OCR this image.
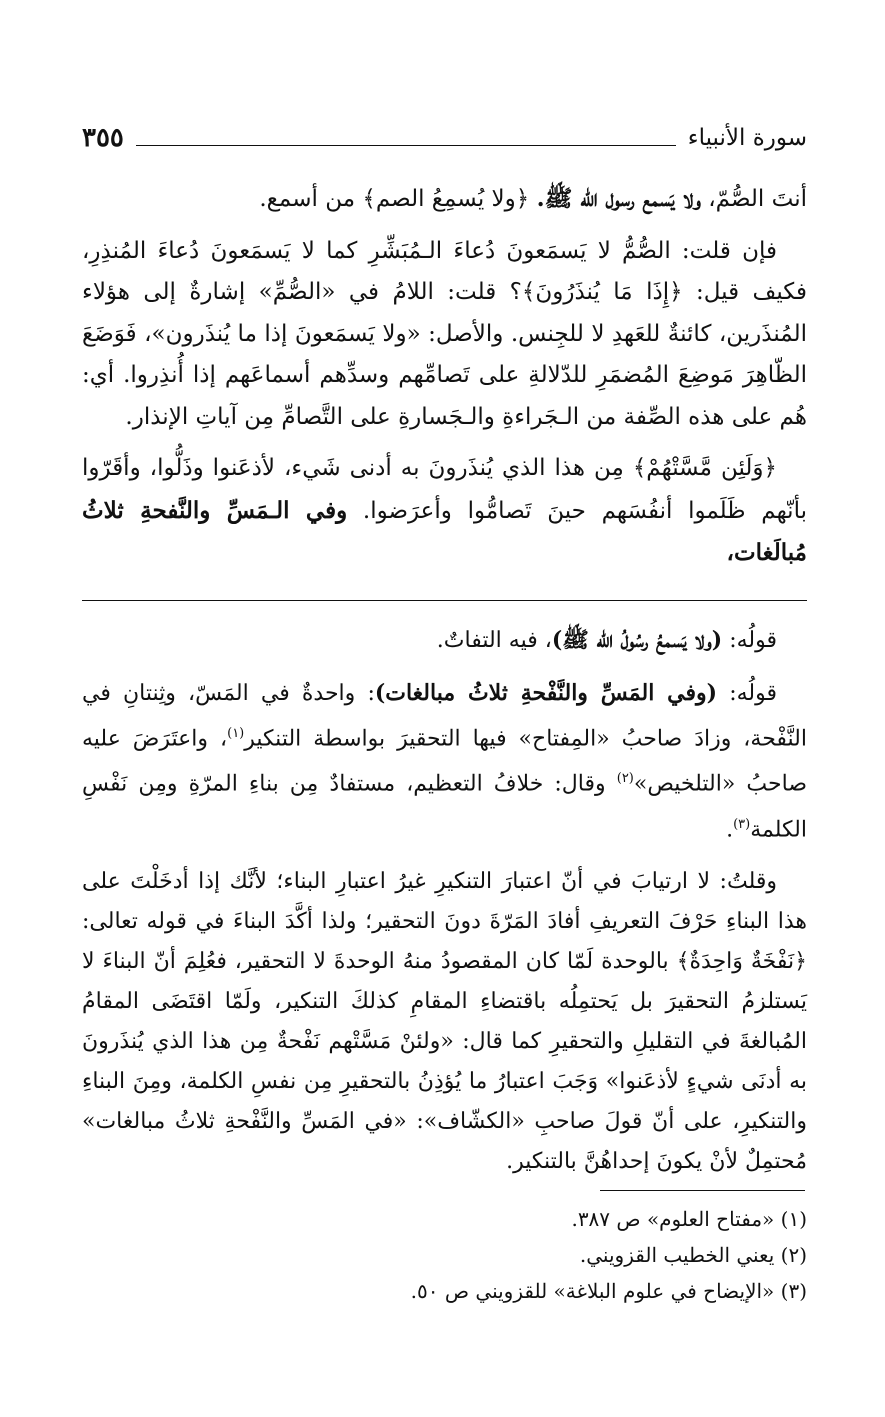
سورة الأنبياء
٣٥٥

أنتَ الصُّمّ، ولا يَسمع رسول الله ﷺ. ﴿ولا يُسمِعُ الصم﴾ من أسمع.

فإن قلت: الصُّمُّ لا يَسمَعونَ دُعاءَ الـمُبَشِّرِ كما لا يَسمَعونَ دُعاءَ المُنذِرِ، فكيف قيل: ﴿إِذَا مَا يُنذَرُونَ﴾؟ قلت: اللامُ في «الصُّمِّ» إشارةٌ إلى هؤلاء المُنذَرين، كائنةٌ للعَهدِ لا للجِنس. والأصل: «ولا يَسمَعونَ إذا ما يُنذَرون»، فَوَضَعَ الظّاهِرَ مَوضِعَ المُضمَرِ للدّلالةِ على تَصامِّهم وسدِّهم أسماعَهم إذا أُنذِروا. أي: هُم على هذه الصِّفة من الـجَراءةِ والـجَسارةِ على التَّصامِّ مِن آياتِ الإنذار.

﴿وَلَئِن مَّسَّتْهُمْ﴾ مِن هذا الذي يُنذَرونَ به أدنى شَيء، لأذعَنوا وذَلُّوا، وأقَرّوا بأنّهم ظَلَموا أنفُسَهم حينَ تَصامُّوا وأعرَضوا. وفي الـمَسِّ والنَّفحةِ ثلاثُ مُبالَغات،

قولُه: (ولا يَسمعُ رسُولُ الله ﷺ)، فيه التفاتٌ.

قولُه: (وفي المَسِّ والنَّفْحةِ ثلاثُ مبالغات): واحدةٌ في المَسّ، وثِنتانِ في النَّفْحة، وزادَ صاحبُ «المِفتاح» فيها التحقيرَ بواسطة التنكير$^{(١)}$، واعتَرَضَ عليه صاحبُ «التلخيص»$^{(٢)}$ وقال: خلافُ التعظيم، مستفادٌ مِن بناءِ المرّةِ ومِن نَفْسِ الكلمة$^{(٣)}$.

وقلتُ: لا ارتيابَ في أنّ اعتبارَ التنكيرِ غيرُ اعتبارِ البناء؛ لأنَّك إذا أدخَلْتَ على هذا البناءِ حَرْفَ التعريفِ أفادَ المَرّةَ دونَ التحقير؛ ولذا أكَّدَ البناءَ في قوله تعالى: ﴿نَفْخَةٌ وَاحِدَةٌ﴾ بالوحدة لَمّا كان المقصودُ منهُ الوحدةَ لا التحقير، فعُلِمَ أنّ البناءَ لا يَستلزمُ التحقيرَ بل يَحتمِلُه باقتضاءِ المقامِ كذلكَ التنكير، ولَمّا اقتَضَى المقامُ المُبالغةَ في التقليلِ والتحقيرِ كما قال: «ولئنْ مَسَّتْهم نَفْحةٌ مِن هذا الذي يُنذَرونَ به أدنَى شيءٍ لأذعَنوا» وَجَبَ اعتبارُ ما يُؤذِنُ بالتحقيرِ مِن نفسِ الكلمة، ومِنَ البناءِ والتنكيرِ، على أنّ قولَ صاحبِ «الكشّاف»: «في المَسِّ والنَّفْحةِ ثلاثُ مبالغات» مُحتمِلٌ لأنْ يكونَ إحداهُنَّ بالتنكير.

(١) «مفتاح العلوم» ص ٣٨٧.
(٢) يعني الخطيب القزويني.
(٣) «الإيضاح في علوم البلاغة» للقزويني ص ٥٠.
